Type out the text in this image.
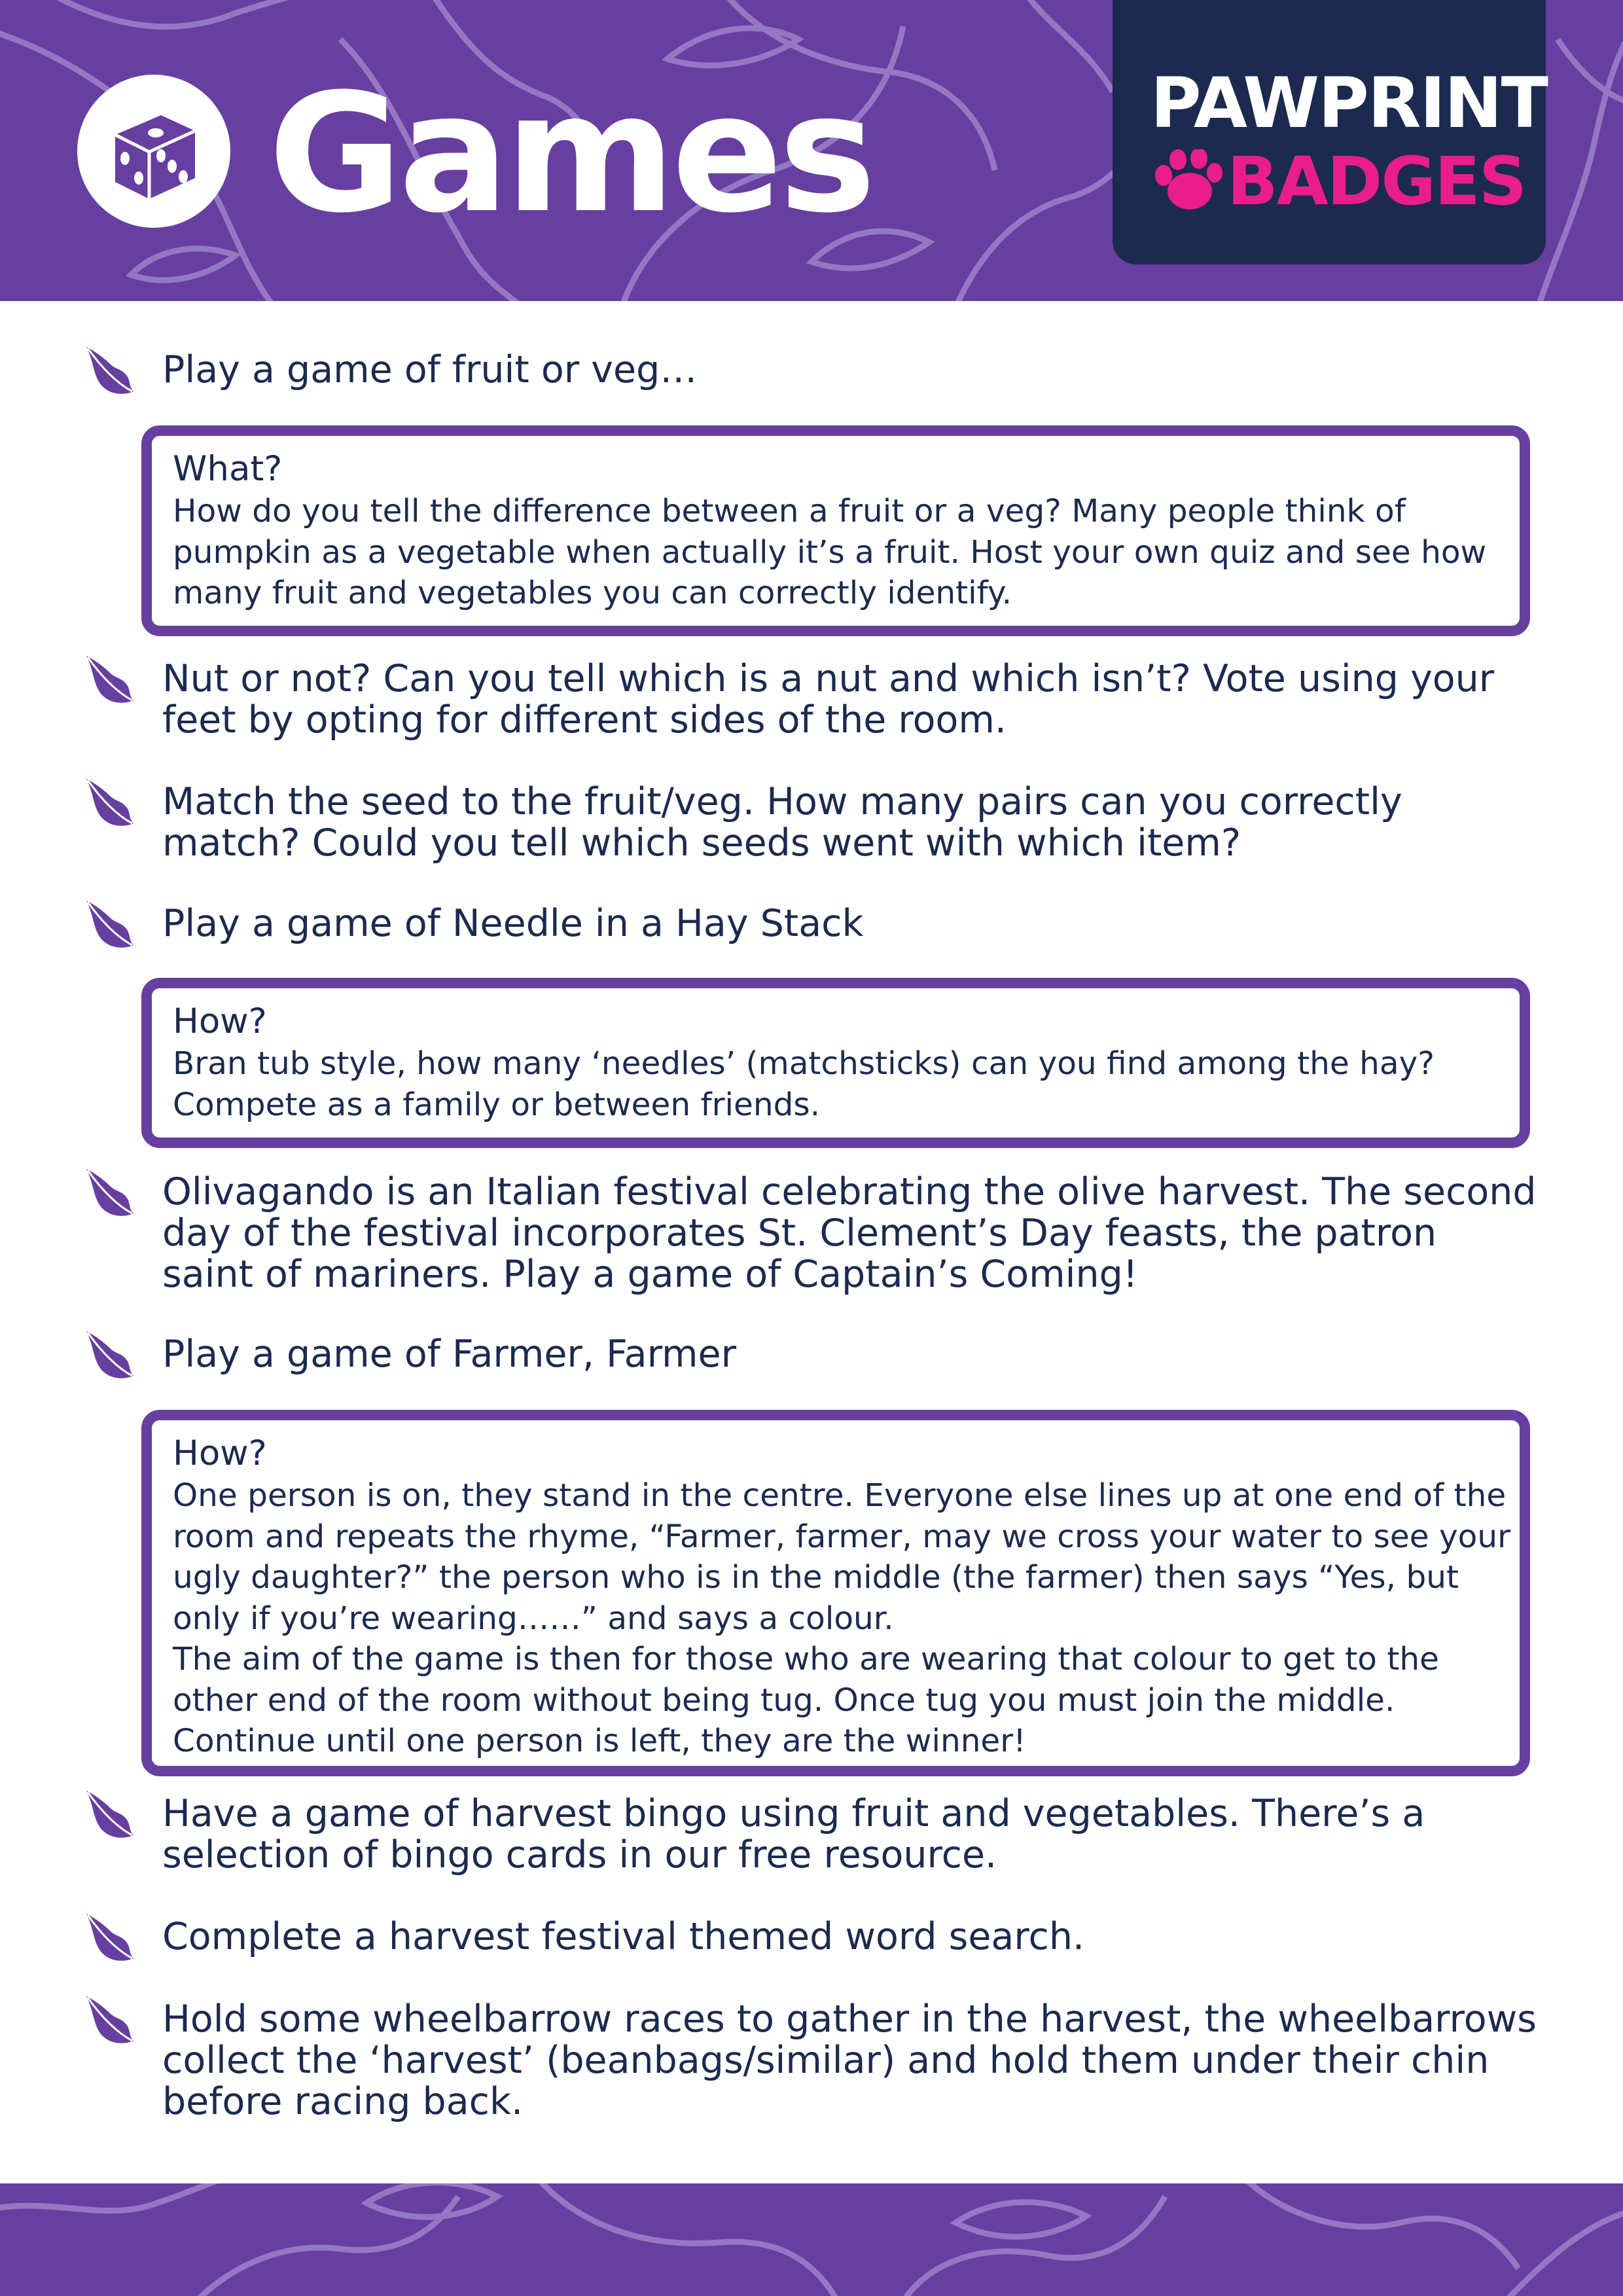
Games	PAWPRINT
BADGES
Play a game of fruit or veg…
What?
How do you tell the difference between a fruit or a veg? Many people think of pumpkin as a vegetable when actually it’s a fruit. Host your own quiz and see how many fruit and vegetables you can correctly identify.
Nut or not? Can you tell which is a nut and which isn’t? Vote using your feet by opting for different sides of the room.
Match the seed to the fruit/veg. How many pairs can you correctly match? Could you tell which seeds went with which item?
Play a game of Needle in a Hay Stack
How?
Bran tub style, how many ‘needles’ (matchsticks) can you find among the hay? Compete as a family or between friends.
Olivagando is an Italian festival celebrating the olive harvest. The second day of the festival incorporates St. Clement’s Day feasts, the patron saint of mariners. Play a game of Captain’s Coming!
Play a game of Farmer, Farmer
How?
One person is on, they stand in the centre. Everyone else lines up at one end of the room and repeats the rhyme, “Farmer, farmer, may we cross your water to see your ugly daughter?” the person who is in the middle (the farmer) then says “Yes, but only if you’re wearing……” and says a colour.
The aim of the game is then for those who are wearing that colour to get to the other end of the room without being tug. Once tug you must join the middle. Continue until one person is left, they are the winner!
Have a game of harvest bingo using fruit and vegetables. There’s a selection of bingo cards in our free resource.
Complete a harvest festival themed word search.
Hold some wheelbarrow races to gather in the harvest, the wheelbarrows collect the ‘harvest’ (beanbags/similar) and hold them under their chin before racing back.
